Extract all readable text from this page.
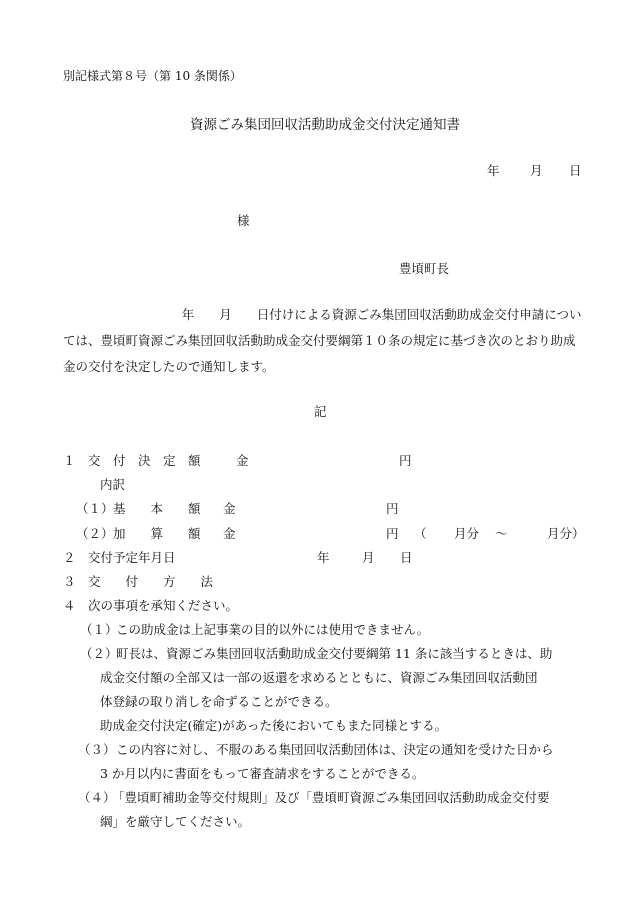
別記様式第８号（第 10 条関係）
資源ごみ集団回収活動助成金交付決定通知書
年 月 日
様
豊頃町長
年　　月　　日付けによる資源ごみ集団回収活動助成金交付申請については、豊頃町資源ごみ集団回収活動助成金交付要綱第１０条の規定に基づき次のとおり助成金の交付を決定したので通知します。
記
１ 交　付　決　定　額	金	円
内訳
（１） 基　　本　　額 金	円
（２） 加　　算　　額 金	円 （ 月分 〜	月分）
２ 交付予定年月日	年	月 日
３ 交　　付　　方　　法
４ 次の事項を承知ください。
（１）
この助成金は上記事業の目的以外には使用できません。
（２）
町長は、資源ごみ集団回収活動助成金交付要綱第 11 条に該当するときは、助
成金交付額の全部又は一部の返還を求めるとともに、資源ごみ集団回収活動団
体登録の取り消しを命ずることができる。
助成金交付決定(確定)があった後においてもまた同様とする。
（３） この内容に対し、不服のある集団回収活動団体は、決定の通知を受けた日から
3 か月以内に書面をもって審査請求をすることができる。
（４）
「豊頃町補助金等交付規則」及び「豊頃町資源ごみ集団回収活動助成金交付要
綱」を厳守してください。
